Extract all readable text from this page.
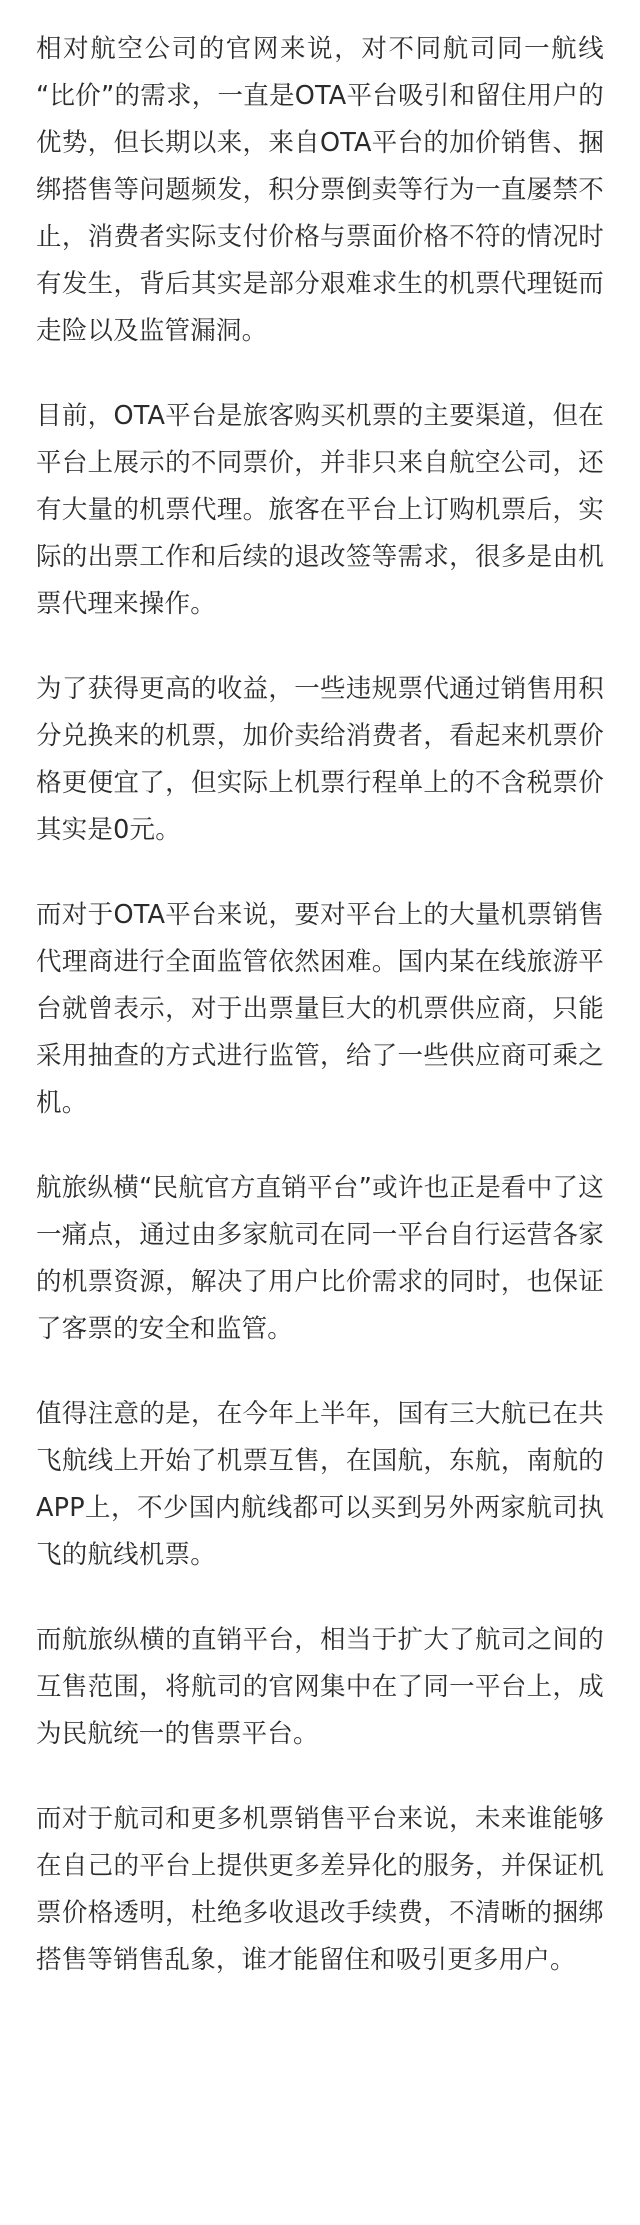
相对航空公司的官网来说，对不同航司同一航线“比价”的需求，一直是OTA平台吸引和留住用户的优势，但长期以来，来自OTA平台的加价销售、捆绑搭售等问题频发，积分票倒卖等行为一直屡禁不止，消费者实际支付价格与票面价格不符的情况时有发生，背后其实是部分艰难求生的机票代理铤而走险以及监管漏洞。

目前，OTA平台是旅客购买机票的主要渠道，但在平台上展示的不同票价，并非只来自航空公司，还有大量的机票代理。旅客在平台上订购机票后，实际的出票工作和后续的退改签等需求，很多是由机票代理来操作。

为了获得更高的收益，一些违规票代通过销售用积分兑换来的机票，加价卖给消费者，看起来机票价格更便宜了，但实际上机票行程单上的不含税票价其实是0元。

而对于OTA平台来说，要对平台上的大量机票销售代理商进行全面监管依然困难。国内某在线旅游平台就曾表示，对于出票量巨大的机票供应商，只能采用抽查的方式进行监管，给了一些供应商可乘之机。

航旅纵横“民航官方直销平台”或许也正是看中了这一痛点，通过由多家航司在同一平台自行运营各家的机票资源，解决了用户比价需求的同时，也保证了客票的安全和监管。

值得注意的是，在今年上半年，国有三大航已在共飞航线上开始了机票互售，在国航，东航，南航的APP上，不少国内航线都可以买到另外两家航司执飞的航线机票。

而航旅纵横的直销平台，相当于扩大了航司之间的互售范围，将航司的官网集中在了同一平台上，成为民航统一的售票平台。

而对于航司和更多机票销售平台来说，未来谁能够在自己的平台上提供更多差异化的服务，并保证机票价格透明，杜绝多收退改手续费，不清晰的捆绑搭售等销售乱象，谁才能留住和吸引更多用户。
